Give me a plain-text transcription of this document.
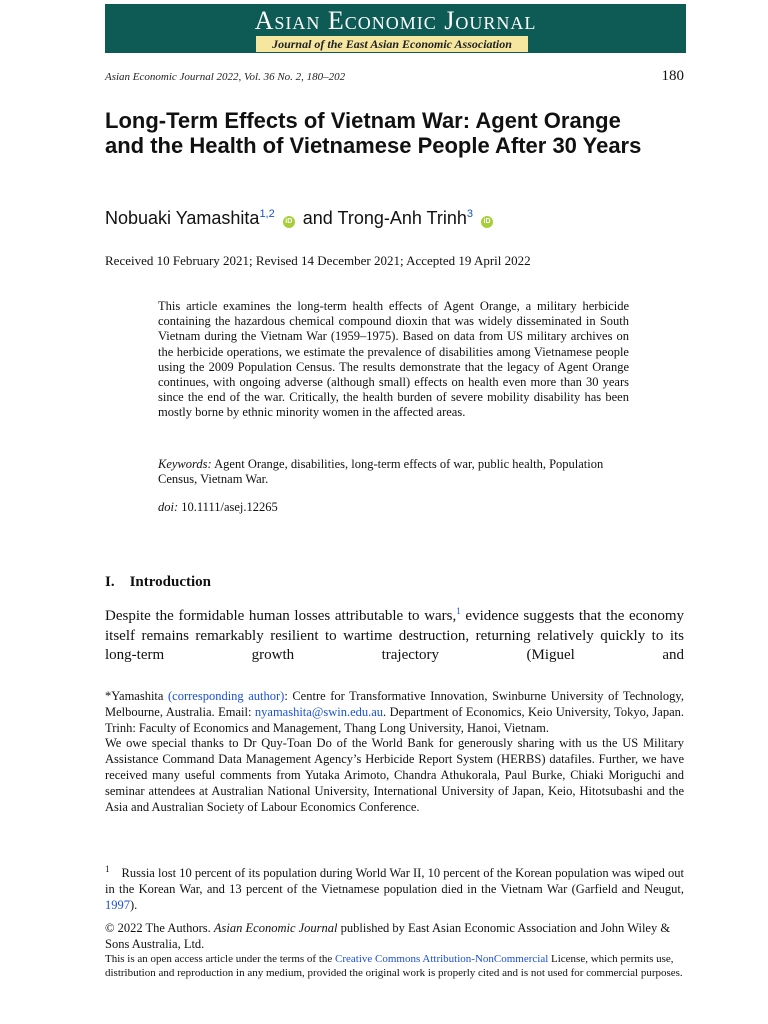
Asian Economic Journal
Journal of the East Asian Economic Association
Asian Economic Journal 2022, Vol. 36 No. 2, 180–202	180
Long-Term Effects of Vietnam War: Agent Orange and the Health of Vietnamese People After 30 Years
Nobuaki Yamashita$^{1,2}$ iD and Trong-Anh Trinh$^3$ iD
Received 10 February 2021; Revised 14 December 2021; Accepted 19 April 2022
This article examines the long-term health effects of Agent Orange, a military herbicide containing the hazardous chemical compound dioxin that was widely disseminated in South Vietnam during the Vietnam War (1959–1975). Based on data from US military archives on the herbicide operations, we estimate the prevalence of disabilities among Vietnamese people using the 2009 Population Census. The results demonstrate that the legacy of Agent Orange continues, with ongoing adverse (although small) effects on health even more than 30 years since the end of the war. Critically, the health burden of severe mobility disability has been mostly borne by ethnic minority women in the affected areas.
Keywords: Agent Orange, disabilities, long-term effects of war, public health, Population Census, Vietnam War.
doi: 10.1111/asej.12265
I. Introduction
Despite the formidable human losses attributable to wars,$^1$ evidence suggests that the economy itself remains remarkably resilient to wartime destruction, returning relatively quickly to its long-term growth trajectory (Miguel and
*Yamashita (corresponding author): Centre for Transformative Innovation, Swinburne University of Technology, Melbourne, Australia. Email: nyamashita@swin.edu.au. Department of Economics, Keio University, Tokyo, Japan. Trinh: Faculty of Economics and Management, Thang Long University, Hanoi, Vietnam.
We owe special thanks to Dr Quy-Toan Do of the World Bank for generously sharing with us the US Military Assistance Command Data Management Agency’s Herbicide Report System (HERBS) datafiles. Further, we have received many useful comments from Yutaka Arimoto, Chandra Athukorala, Paul Burke, Chiaki Moriguchi and seminar attendees at Australian National University, International University of Japan, Keio, Hitotsubashi and the Asia and Australian Society of Labour Economics Conference.
$^1$ Russia lost 10 percent of its population during World War II, 10 percent of the Korean population was wiped out in the Korean War, and 13 percent of the Vietnamese population died in the Vietnam War (Garfield and Neugut, 1997).
© 2022 The Authors. Asian Economic Journal published by East Asian Economic Association and John Wiley & Sons Australia, Ltd.
This is an open access article under the terms of the Creative Commons Attribution-NonCommercial License, which permits use, distribution and reproduction in any medium, provided the original work is properly cited and is not used for commercial purposes.
